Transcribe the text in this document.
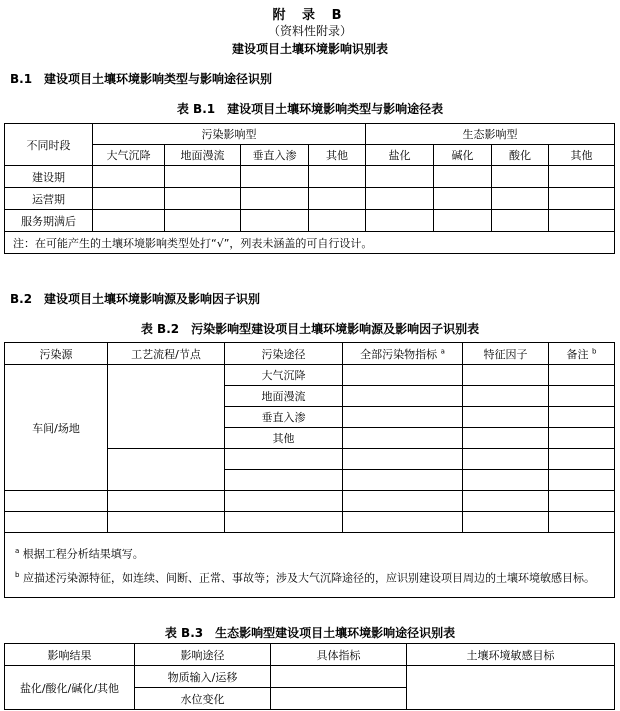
附 录 B
（资料性附录）
建设项目土壤环境影响识别表
B.1　建设项目土壤环境影响类型与影响途径识别
表 B.1　建设项目土壤环境影响类型与影响途径表
不同时段	污染影响型				生态影响型			
	大气沉降	地面漫流	垂直入渗	其他	盐化	碱化	酸化	其他
建设期								
运营期								
服务期满后								
注：在可能产生的土壤环境影响类型处打“√”，列表未涵盖的可自行设计。								
B.2　建设项目土壤环境影响源及影响因子识别
表 B.2　污染影响型建设项目土壤环境影响源及影响因子识别表
污染源	工艺流程/节点	污染途径	全部污染物指标 $^a$	特征因子	备注 $^b$
车间/场地		大气沉降			
		地面漫流			
		垂直入渗			
		其他			

$^a$ 根据工程分析结果填写。
$^b$ 应描述污染源特征，如连续、间断、正常、事故等；涉及大气沉降途径的，应识别建设项目周边的土壤环境敏感目标。					
表 B.3　生态影响型建设项目土壤环境影响途径识别表
影响结果	影响途径	具体指标	土壤环境敏感目标
盐化/酸化/碱化/其他	物质输入/运移		
	水位变化		
